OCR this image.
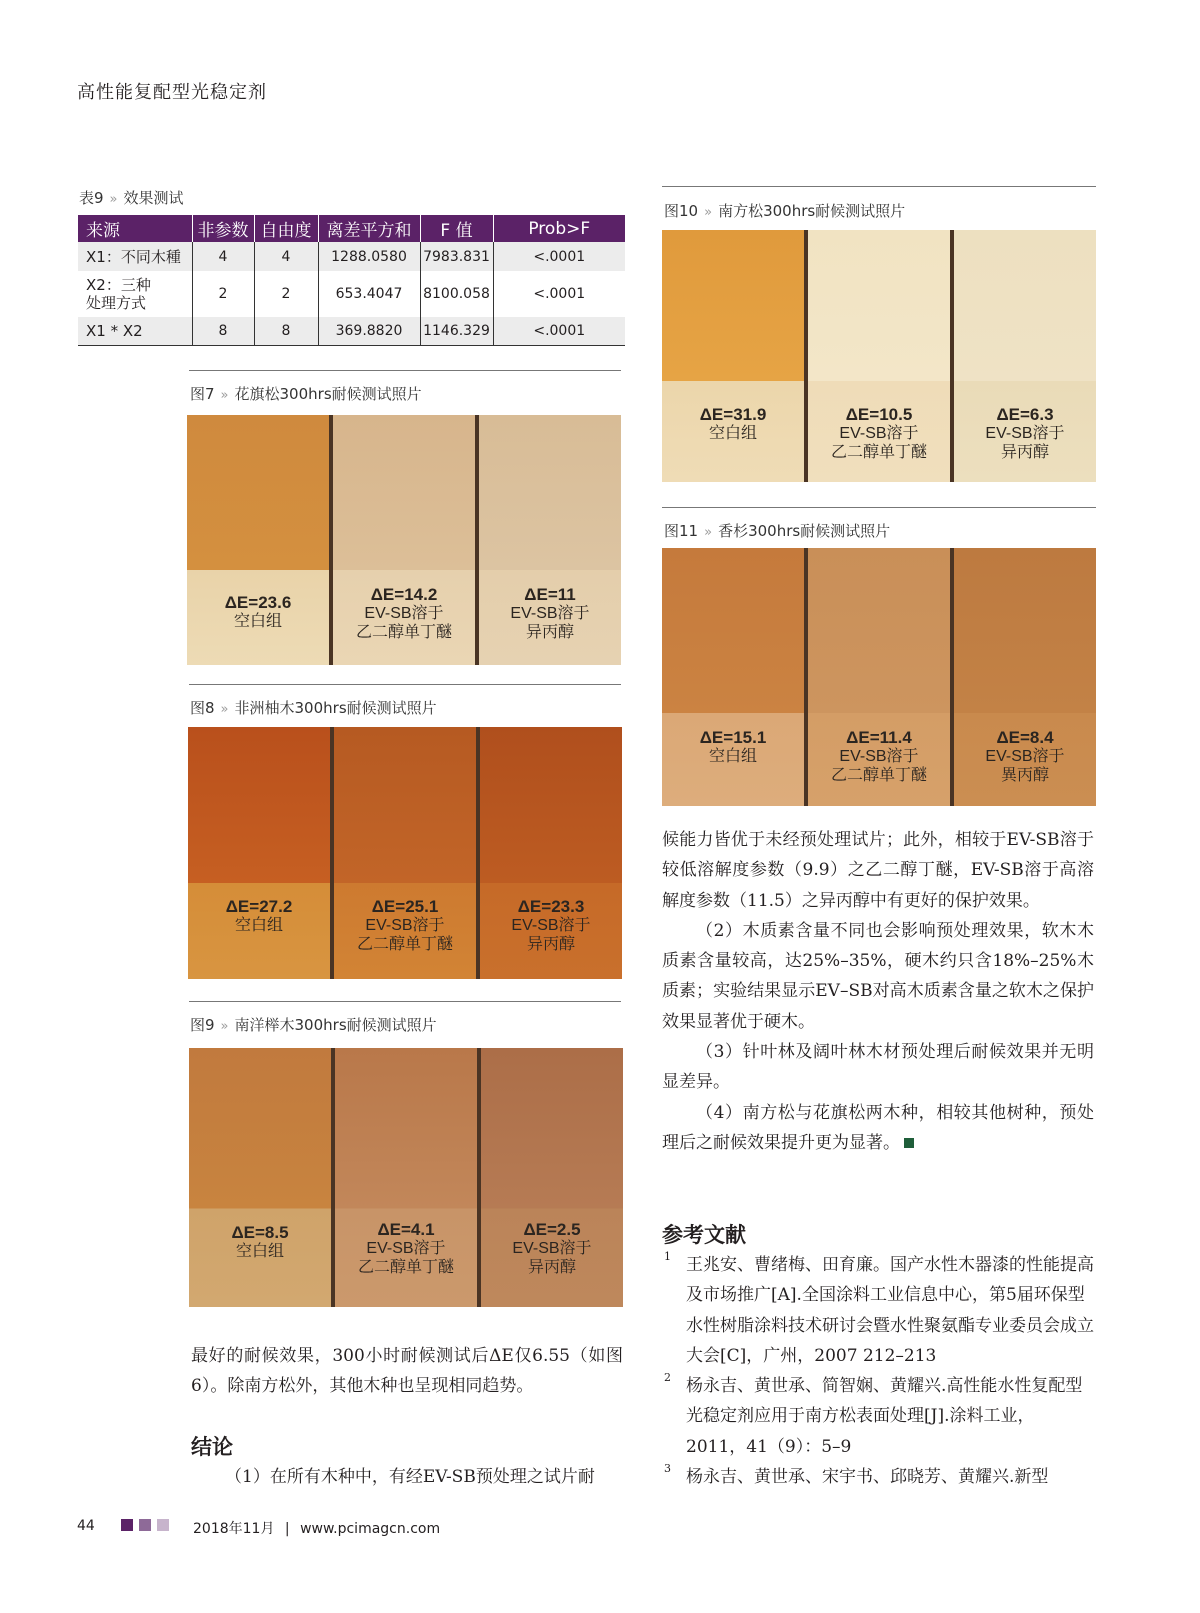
高性能复配型光稳定剂
表9 » 效果测试
来源	非参数	自由度	离差平方和	F 值	Prob>F
X1：不同木種	4	4	1288.0580	7983.831	<.0001
X2：三种
处理方式	2	2	653.4047	8100.058	<.0001
X1 * X2	8	8	369.8820	1146.329	<.0001
图7 » 花旗松300hrs耐候测试照片
ΔE=23.6
空白组
ΔE=14.2
EV-SB溶于
乙二醇单丁醚
ΔE=11
EV-SB溶于
异丙醇
图8 » 非洲柚木300hrs耐候测试照片
ΔE=27.2
空白组
ΔE=25.1
EV-SB溶于
乙二醇单丁醚
ΔE=23.3
EV-SB溶于
异丙醇
图9 » 南洋榉木300hrs耐候测试照片
ΔE=8.5
空白组
ΔE=4.1
EV-SB溶于
乙二醇单丁醚
ΔE=2.5
EV-SB溶于
异丙醇

最好的耐候效果，300小时耐候测试后ΔE仅6.55（如图6）。除南方松外，其他木种也呈现相同趋势。

结论

（1）在所有木种中，有经EV-SB预处理之试片耐

图10 » 南方松300hrs耐候测试照片
ΔE=31.9
空白组
ΔE=10.5
EV-SB溶于
乙二醇单丁醚
ΔE=6.3
EV-SB溶于
异丙醇
图11 » 香杉300hrs耐候测试照片
ΔE=15.1
空白组
ΔE=11.4
EV-SB溶于
乙二醇单丁醚
ΔE=8.4
EV-SB溶于
異丙醇

候能力皆优于未经预处理试片；此外，相较于EV-SB溶于较低溶解度参数（9.9）之乙二醇丁醚，EV-SB溶于高溶解度参数（11.5）之异丙醇中有更好的保护效果。

（2）木质素含量不同也会影响预处理效果，软木木质素含量较高，达25%–35%，硬木约只含18%–25%木质素；实验结果显示EV–SB对高木质素含量之软木之保护效果显著优于硬木。

（3）针叶林及阔叶林木材预处理后耐候效果并无明显差异。

（4）南方松与花旗松两木种，相较其他树种，预处理后之耐候效果提升更为显著。

参考文献
1 王兆安、曹绪梅、田育廉。国产水性木器漆的性能提高及市场推广[A].全国涂料工业信息中心，第5届环保型水性树脂涂料技术研讨会暨水性聚氨酯专业委员会成立大会[C]，广州，2007 212–213
2 杨永吉、黄世承、简智娴、黄耀兴.高性能水性复配型光稳定剂应用于南方松表面处理[J].涂料工业，2011，41（9）：5–9
3 杨永吉、黄世承、宋宇书、邱晓芳、黄耀兴.新型
44	2018年11月 | www.pcimagcn.com
